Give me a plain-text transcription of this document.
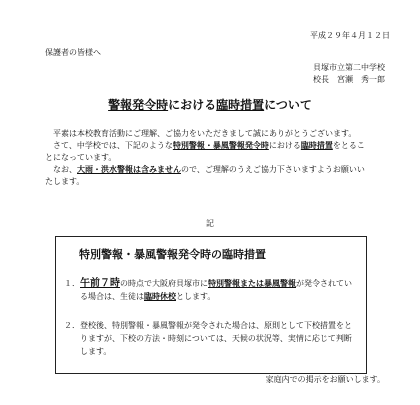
平成２９年４月１２日
保護者の皆様へ
貝塚市立第二中学校
校長　宮瀬　秀一郎
警報発令時における臨時措置について

　平素は本校教育活動にご理解、ご協力をいただきまして誠にありがとうございます。

　さて、中学校では、下記のような特別警報・暴風警報発令時における臨時措置をとることになっています。

　なお、大雨・洪水警報は含みませんので、ご理解のうえご協力下さいますようお願いいたします。

記
特別警報・暴風警報発令時の臨時措置
１． 午前７時の時点で大阪府貝塚市に特別警報または暴風警報が発令されている場合は、生徒は臨時休校とします。
２． 登校後、特別警報・暴風警報が発令された場合は、原則として下校措置をとりますが、下校の方法・時刻については、天候の状況等、実情に応じて判断します。
家庭内での掲示をお願いします。
